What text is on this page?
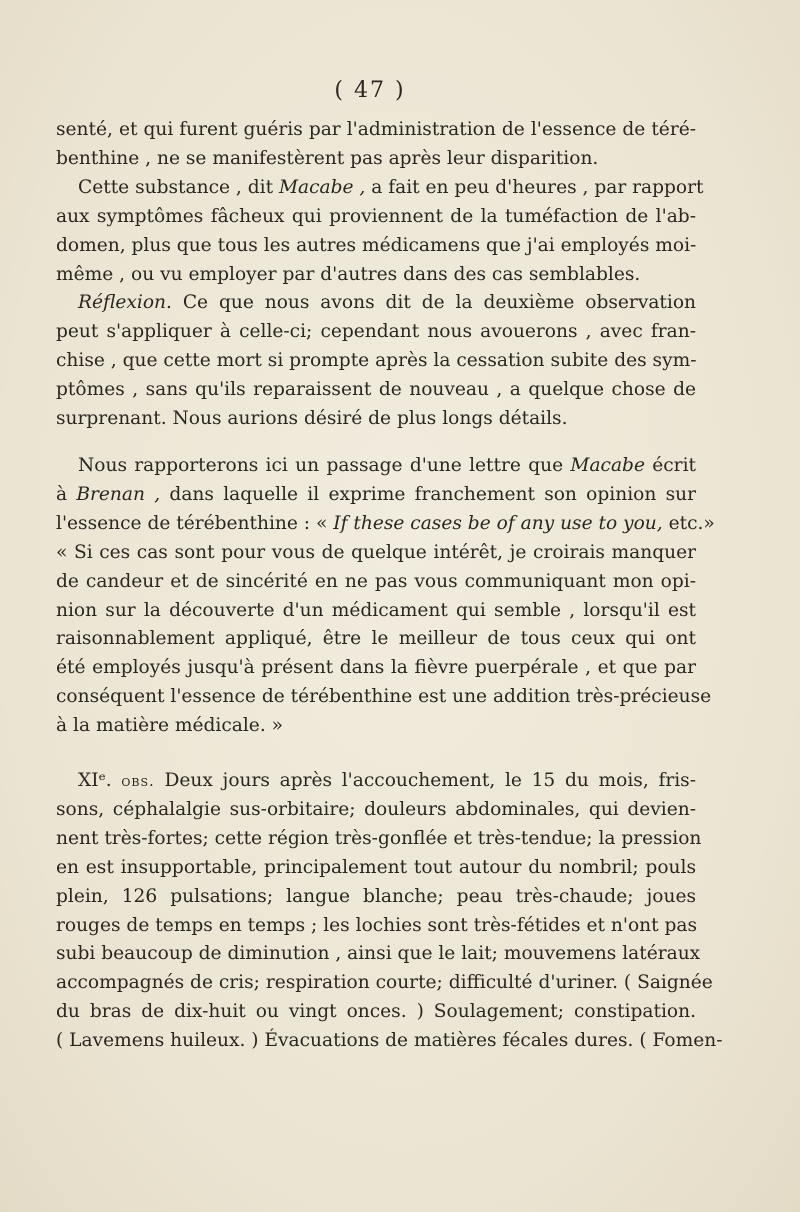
( 47 )
senté, et qui furent guéris par l'administration de l'essence de téré-
benthine , ne se manifestèrent pas après leur disparition.
Cette substance , dit Macabe , a fait en peu d'heures , par rapport
aux symptômes fâcheux qui proviennent de la tuméfaction de l'ab-
domen, plus que tous les autres médicamens que j'ai employés moi-
même , ou vu employer par d'autres dans des cas semblables.
Réflexion. Ce que nous avons dit de la deuxième observation
peut s'appliquer à celle-ci; cependant nous avouerons , avec fran-
chise , que cette mort si prompte après la cessation subite des sym-
ptômes , sans qu'ils reparaissent de nouveau , a quelque chose de
surprenant. Nous aurions désiré de plus longs détails.
Nous rapporterons ici un passage d'une lettre que Macabe écrit
à Brenan , dans laquelle il exprime franchement son opinion sur
l'essence de térébenthine : « If these cases be of any use to you, etc.»
« Si ces cas sont pour vous de quelque intérêt, je croirais manquer
de candeur et de sincérité en ne pas vous communiquant mon opi-
nion sur la découverte d'un médicament qui semble , lorsqu'il est
raisonnablement appliqué, être le meilleur de tous ceux qui ont
été employés jusqu'à présent dans la fièvre puerpérale , et que par
conséquent l'essence de térébenthine est une addition très-précieuse
à la matière médicale. »
XIᵉ. obs. Deux jours après l'accouchement, le 15 du mois, fris-
sons, céphalalgie sus-orbitaire; douleurs abdominales, qui devien-
nent très-fortes; cette région très-gonflée et très-tendue; la pression
en est insupportable, principalement tout autour du nombril; pouls
plein, 126 pulsations; langue blanche; peau très-chaude; joues
rouges de temps en temps ; les lochies sont très-fétides et n'ont pas
subi beaucoup de diminution , ainsi que le lait; mouvemens latéraux
accompagnés de cris; respiration courte; difficulté d'uriner. ( Saignée
du bras de dix-huit ou vingt onces. ) Soulagement; constipation.
( Lavemens huileux. ) Évacuations de matières fécales dures. ( Fomen-
